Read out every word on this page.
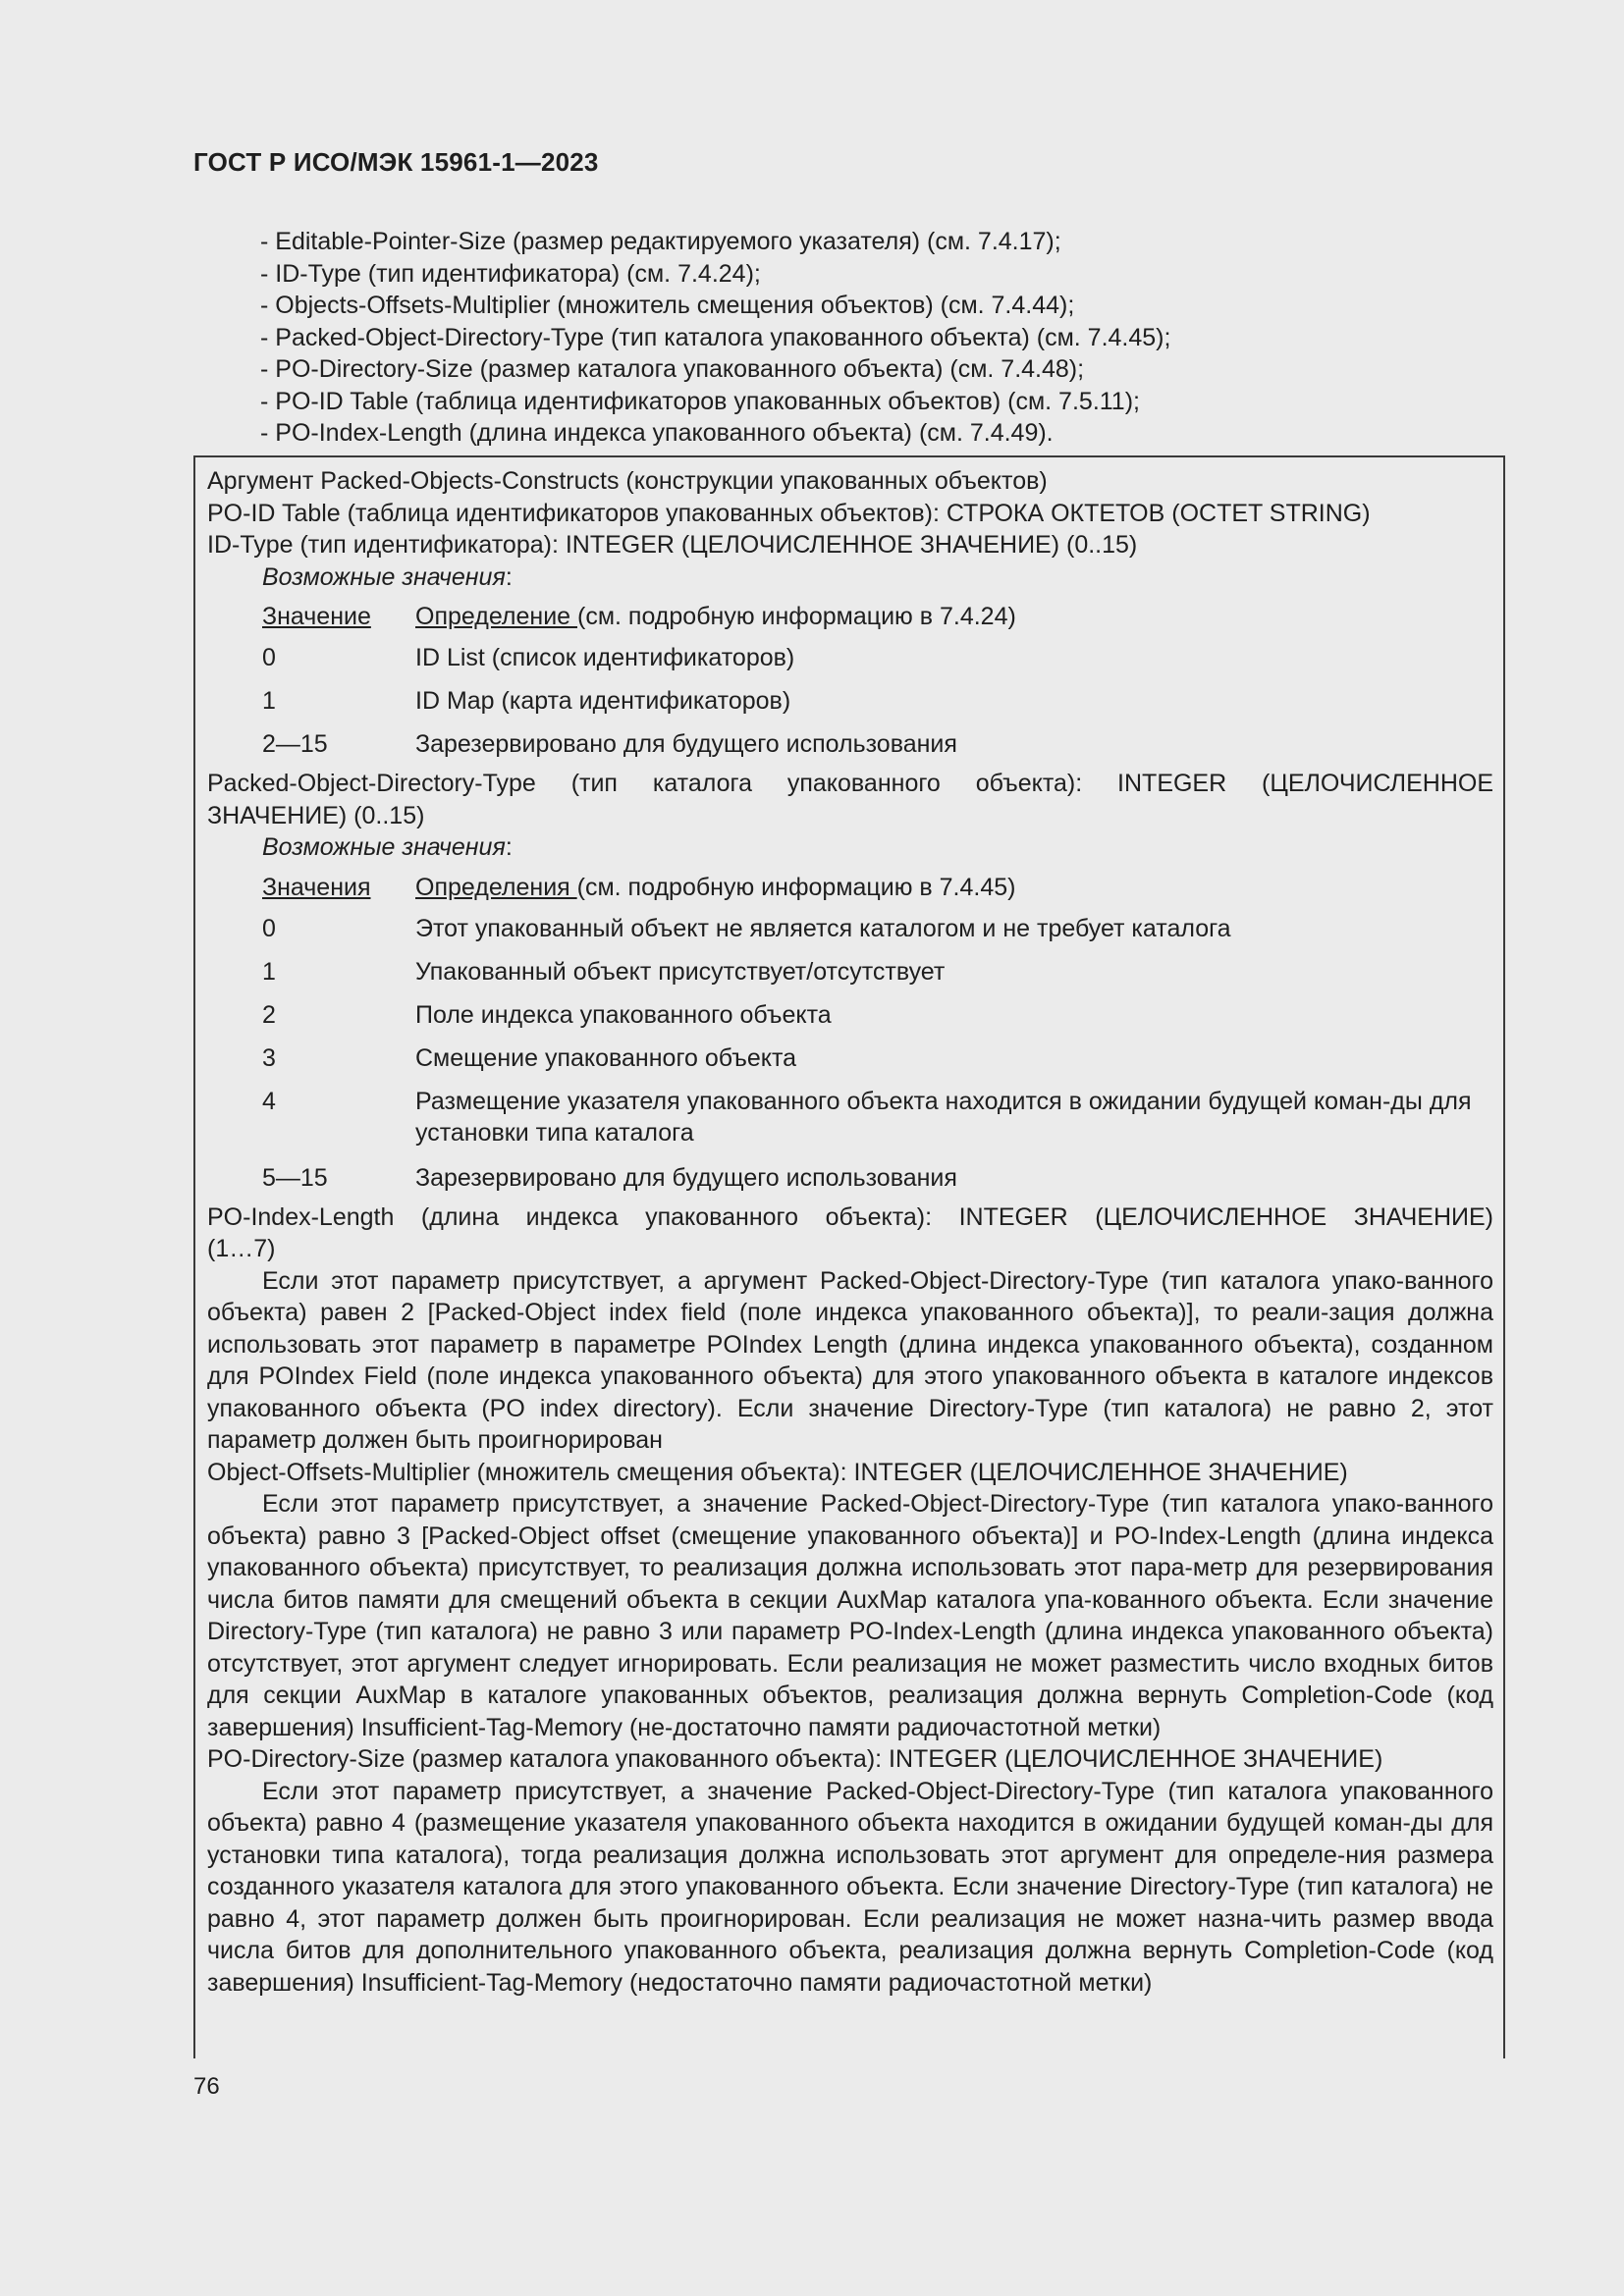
ГОСТ Р ИСО/МЭК 15961-1—2023
- Editable-Pointer-Size (размер редактируемого указателя) (см. 7.4.17);
- ID-Type (тип идентификатора) (см. 7.4.24);
- Objects-Offsets-Multiplier (множитель смещения объектов) (см. 7.4.44);
- Packed-Object-Directory-Type (тип каталога упакованного объекта) (см. 7.4.45);
- PO-Directory-Size (размер каталога упакованного объекта) (см. 7.4.48);
- PO-ID Table (таблица идентификаторов упакованных объектов) (см. 7.5.11);
- PO-Index-Length (длина индекса упакованного объекта) (см. 7.4.49).
Аргумент Packed-Objects-Constructs (конструкции упакованных объектов)
PO-ID Table (таблица идентификаторов упакованных объектов): СТРОКА ОКТЕТОВ (OCTET STRING)
ID-Type (тип идентификатора): INTEGER (ЦЕЛОЧИСЛЕННОЕ ЗНАЧЕНИЕ) (0..15)
Возможные значения:
Значение	Определение (см. подробную информацию в 7.4.24)
0	ID List (список идентификаторов)
1	ID Map (карта идентификаторов)
2—15	Зарезервировано для будущего использования
Packed-Object-Directory-Type (тип каталога упакованного объекта): INTEGER (ЦЕЛОЧИСЛЕННОЕ
ЗНАЧЕНИЕ) (0..15)
Возможные значения:
Значения	Определения (см. подробную информацию в 7.4.45)
0	Этот упакованный объект не является каталогом и не требует каталога
1	Упакованный объект присутствует/отсутствует
2	Поле индекса упакованного объекта
3	Смещение упакованного объекта
4	Размещение указателя упакованного объекта находится в ожидании будущей коман-ды для установки типа каталога
5—15	Зарезервировано для будущего использования
PO-Index-Length (длина индекса упакованного объекта): INTEGER (ЦЕЛОЧИСЛЕННОЕ ЗНАЧЕНИЕ)
(1…7)
Если этот параметр присутствует, а аргумент Packed-Object-Directory-Type (тип каталога упако-ванного объекта) равен 2 [Packed-Object index field (поле индекса упакованного объекта)], то реали-зация должна использовать этот параметр в параметре POIndex Length (длина индекса упакованного объекта), созданном для POIndex Field (поле индекса упакованного объекта) для этого упакованного объекта в каталоге индексов упакованного объекта (PO index directory). Если значение Directory-Type (тип каталога) не равно 2, этот параметр должен быть проигнорирован
Object-Offsets-Multiplier (множитель смещения объекта): INTEGER (ЦЕЛОЧИСЛЕННОЕ ЗНАЧЕНИЕ)
Если этот параметр присутствует, а значение Packed-Object-Directory-Type (тип каталога упако-ванного объекта) равно 3 [Packed-Object offset (смещение упакованного объекта)] и PO-Index-Length (длина индекса упакованного объекта) присутствует, то реализация должна использовать этот пара-метр для резервирования числа битов памяти для смещений объекта в секции AuxMap каталога упа-кованного объекта. Если значение Directory-Type (тип каталога) не равно 3 или параметр PO-Index-Length (длина индекса упакованного объекта) отсутствует, этот аргумент следует игнорировать. Если реализация не может разместить число входных битов для секции AuxMap в каталоге упакованных объектов, реализация должна вернуть Completion-Code (код завершения) Insufficient-Tag-Memory (не-достаточно памяти радиочастотной метки)
PO-Directory-Size (размер каталога упакованного объекта): INTEGER (ЦЕЛОЧИСЛЕННОЕ ЗНАЧЕНИЕ)
Если этот параметр присутствует, а значение Packed-Object-Directory-Type (тип каталога упакованного объекта) равно 4 (размещение указателя упакованного объекта находится в ожидании будущей коман-ды для установки типа каталога), тогда реализация должна использовать этот аргумент для определе-ния размера созданного указателя каталога для этого упакованного объекта. Если значение Directory-Type (тип каталога) не равно 4, этот параметр должен быть проигнорирован. Если реализация не может назна-чить размер ввода числа битов для дополнительного упакованного объекта, реализация должна вернуть Completion-Code (код завершения) Insufficient-Tag-Memory (недостаточно памяти радиочастотной метки)
76
